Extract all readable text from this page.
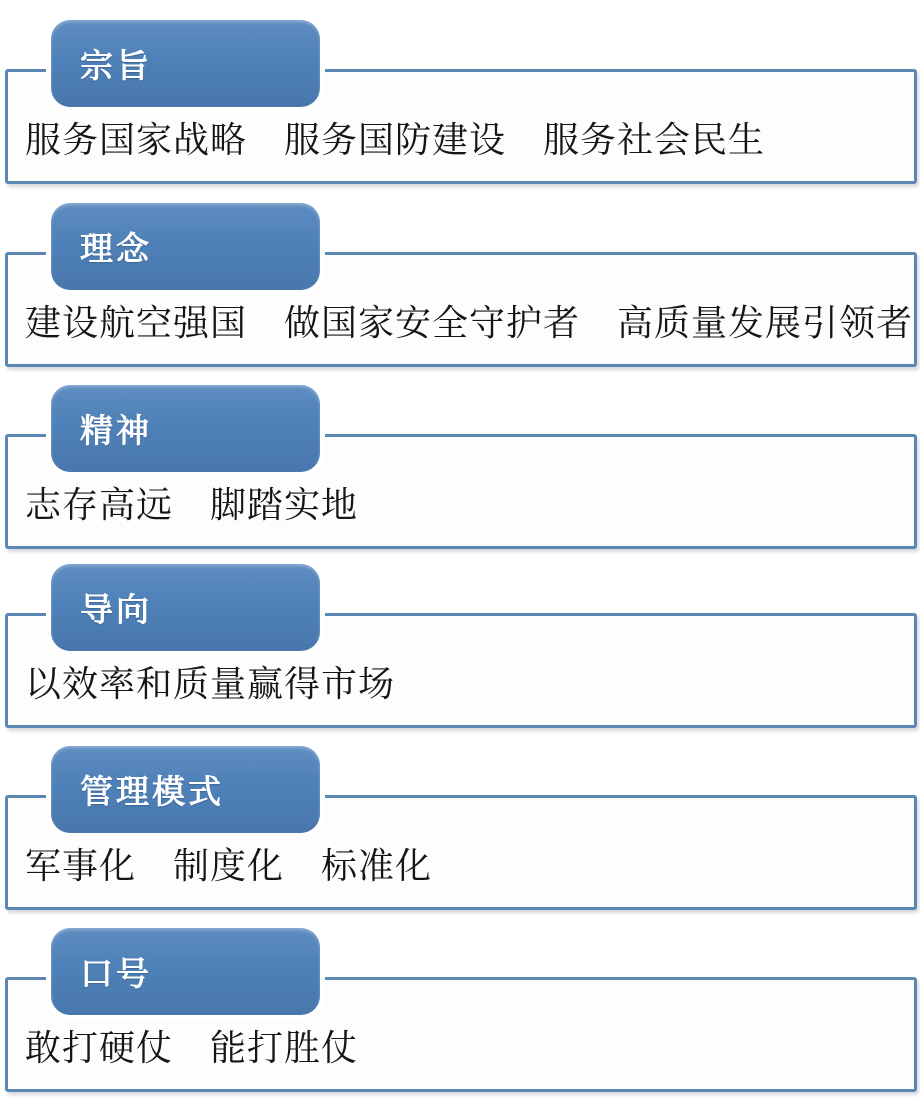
宗旨
服务国家战略　服务国防建设　服务社会民生
理念
建设航空强国　做国家安全守护者　高质量发展引领者
精神
志存高远　脚踏实地
导向
以效率和质量赢得市场
管理模式
军事化　制度化　标准化
口号
敢打硬仗　能打胜仗
